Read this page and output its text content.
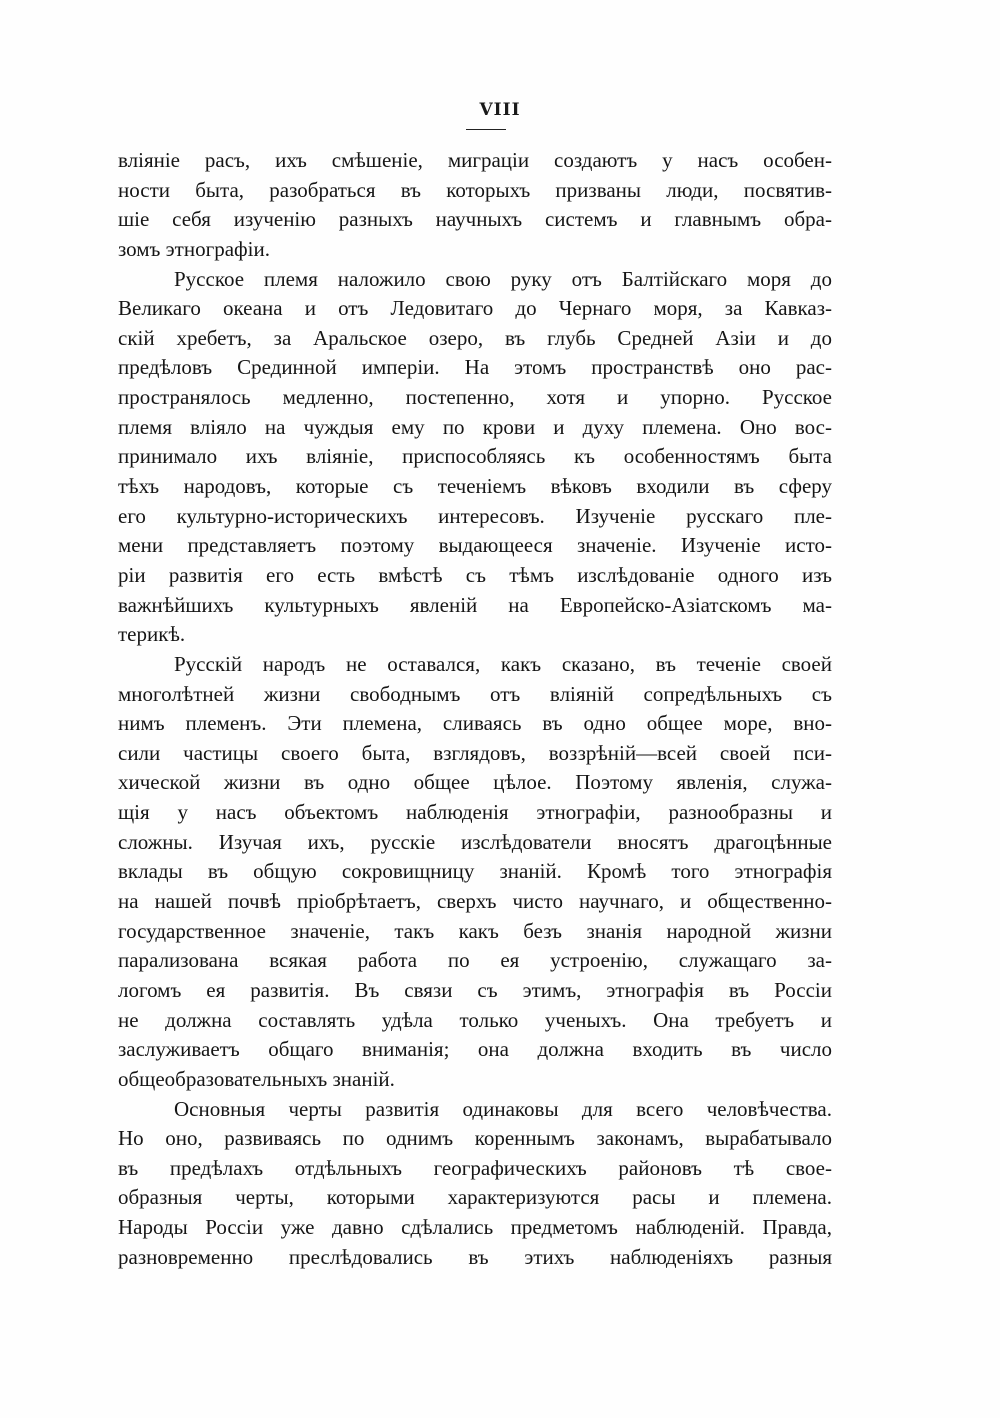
VIII
вліяніе расъ, ихъ смѣшеніе, миграціи создаютъ у насъ особен-
ности быта, разобраться въ которыхъ призваны люди, посвятив-
шіе себя изученію разныхъ научныхъ системъ и главнымъ обра-
зомъ этнографіи.
Русское племя наложило свою руку отъ Балтійскаго моря до
Великаго океана и отъ Ледовитаго до Чернаго моря, за Кавказ-
скій хребетъ, за Аральское озеро, въ глубь Средней Азіи и до
предѣловъ Срединной имперіи. На этомъ пространствѣ оно рас-
пространялось медленно, постепенно, хотя и упорно. Русское
племя вліяло на чуждыя ему по крови и духу племена. Оно вос-
принимало ихъ вліяніе, приспособляясь къ особенностямъ быта
тѣхъ народовъ, которые съ теченіемъ вѣковъ входили въ сферу
его культурно-историческихъ интересовъ. Изученіе русскаго пле-
мени представляетъ поэтому выдающееся значеніе. Изученіе исто-
ріи развитія его есть вмѣстѣ съ тѣмъ изслѣдованіе одного изъ
важнѣйшихъ культурныхъ явленій на Европейско-Азіатскомъ ма-
терикѣ.
Русскій народъ не оставался, какъ сказано, въ теченіе своей
многолѣтней жизни свободнымъ отъ вліяній сопредѣльныхъ съ
нимъ племенъ. Эти племена, сливаясь въ одно общее море, вно-
сили частицы своего быта, взглядовъ, воззрѣній—всей своей пси-
хической жизни въ одно общее цѣлое. Поэтому явленія, служа-
щія у насъ объектомъ наблюденія этнографіи, разнообразны и
сложны. Изучая ихъ, русскіе изслѣдователи вносятъ драгоцѣнные
вклады въ общую сокровищницу знаній. Кромѣ того этнографія
на нашей почвѣ пріобрѣтаетъ, сверхъ чисто научнаго, и общественно-
государственное значеніе, такъ какъ безъ знанія народной жизни
парализована всякая работа по ея устроенію, служащаго за-
логомъ ея развитія. Въ связи съ этимъ, этнографія въ Россіи
не должна составлять удѣла только ученыхъ. Она требуетъ и
заслуживаетъ общаго вниманія; она должна входить въ число
общеобразовательныхъ знаній.
Основныя черты развитія одинаковы для всего человѣчества.
Но оно, развиваясь по однимъ кореннымъ законамъ, вырабатывало
въ предѣлахъ отдѣльныхъ географическихъ районовъ тѣ свое-
образныя черты, которыми характеризуются расы и племена.
Народы Россіи уже давно сдѣлались предметомъ наблюденій. Правда,
разновременно преслѣдовались въ этихъ наблюденіяхъ разныя
